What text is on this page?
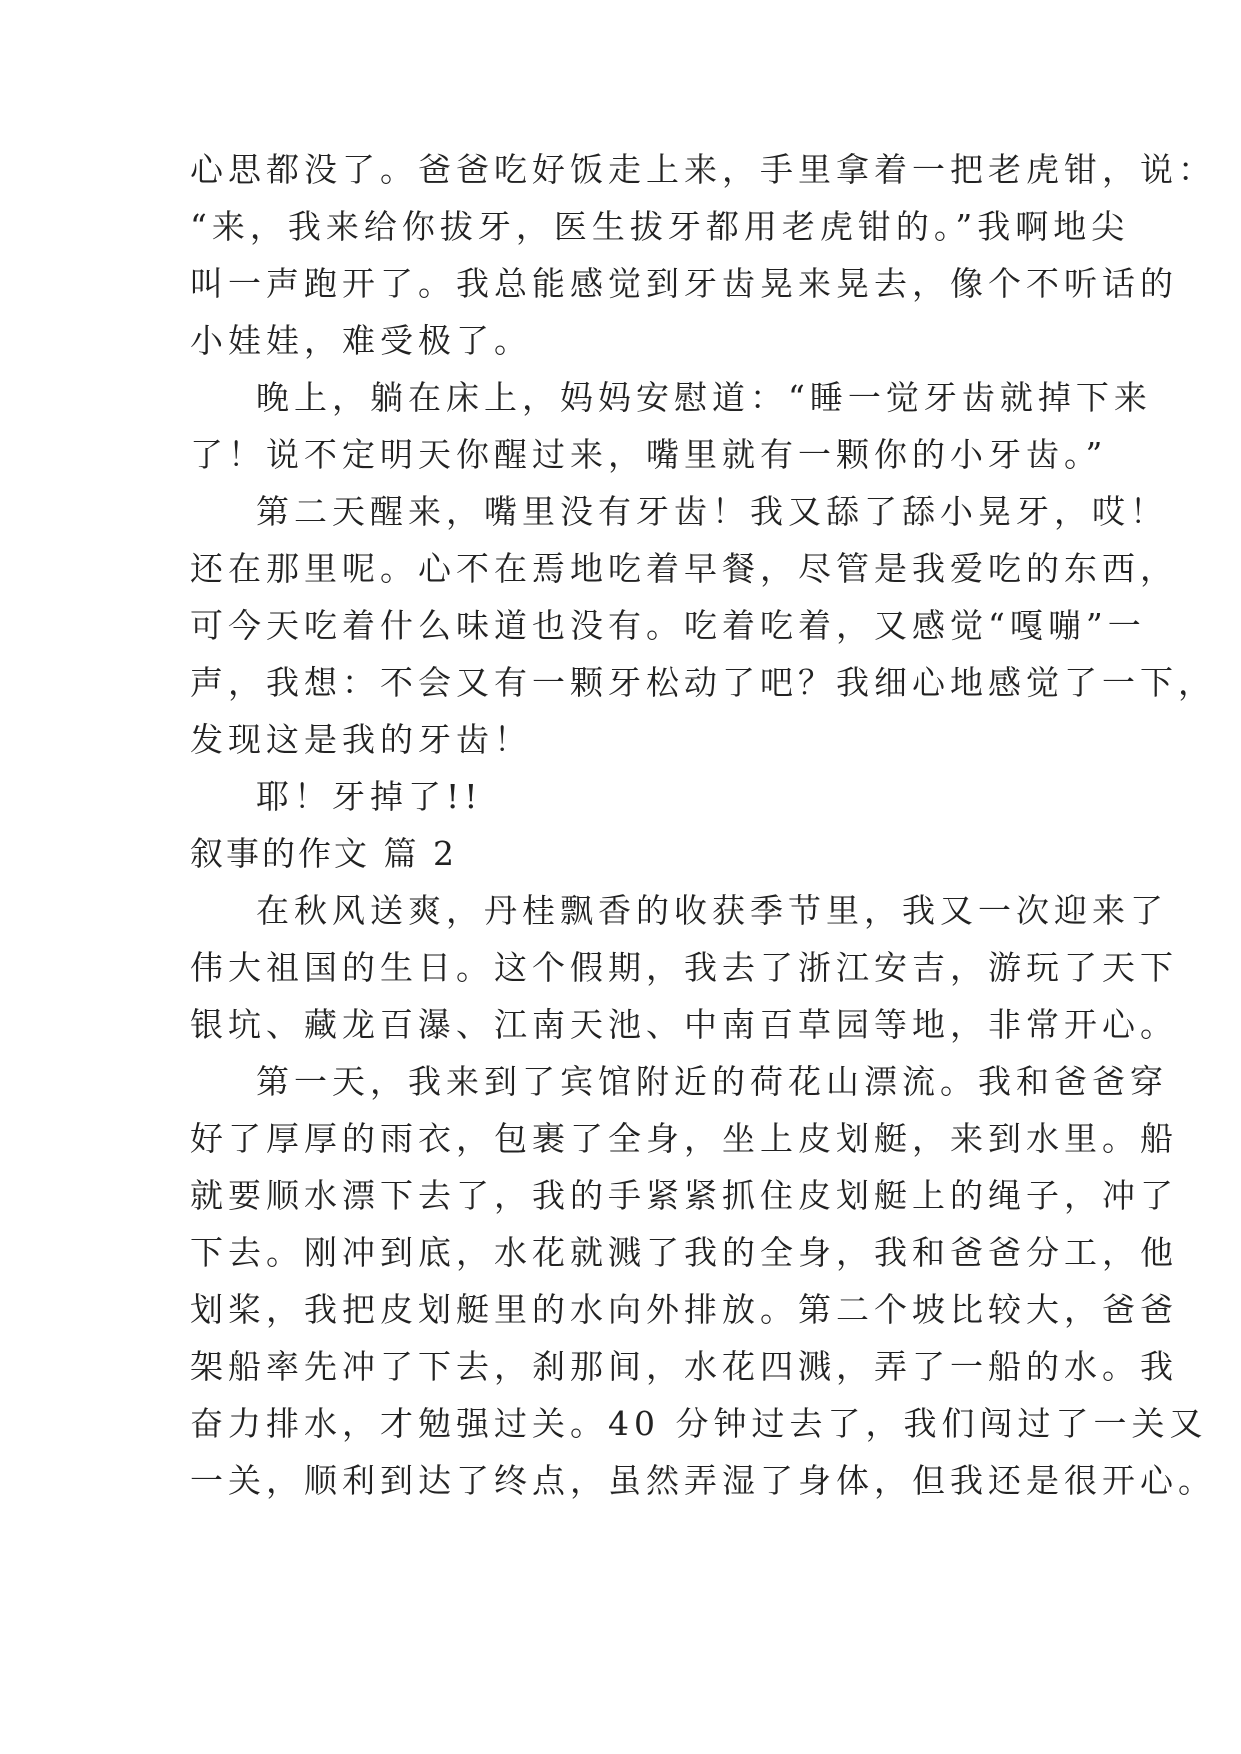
心思都没了。爸爸吃好饭走上来，手里拿着一把老虎钳，说：
“来，我来给你拔牙，医生拔牙都用老虎钳的。”我啊地尖
叫一声跑开了。我总能感觉到牙齿晃来晃去，像个不听话的
小娃娃，难受极了。
晚上，躺在床上，妈妈安慰道：“睡一觉牙齿就掉下来
了！说不定明天你醒过来，嘴里就有一颗你的小牙齿。”
第二天醒来，嘴里没有牙齿！我又舔了舔小晃牙，哎！
还在那里呢。心不在焉地吃着早餐，尽管是我爱吃的东西，
可今天吃着什么味道也没有。吃着吃着，又感觉“嘎嘣”一
声，我想：不会又有一颗牙松动了吧？我细心地感觉了一下，
发现这是我的牙齿！
耶！牙掉了!!
叙事的作文 篇 2
在秋风送爽，丹桂飘香的收获季节里，我又一次迎来了
伟大祖国的生日。这个假期，我去了浙江安吉，游玩了天下
银坑、藏龙百瀑、江南天池、中南百草园等地，非常开心。
第一天，我来到了宾馆附近的荷花山漂流。我和爸爸穿
好了厚厚的雨衣，包裹了全身，坐上皮划艇，来到水里。船
就要顺水漂下去了，我的手紧紧抓住皮划艇上的绳子，冲了
下去。刚冲到底，水花就溅了我的全身，我和爸爸分工，他
划桨，我把皮划艇里的水向外排放。第二个坡比较大，爸爸
架船率先冲了下去，刹那间，水花四溅，弄了一船的水。我
奋力排水，才勉强过关。40 分钟过去了，我们闯过了一关又
一关，顺利到达了终点，虽然弄湿了身体，但我还是很开心。
